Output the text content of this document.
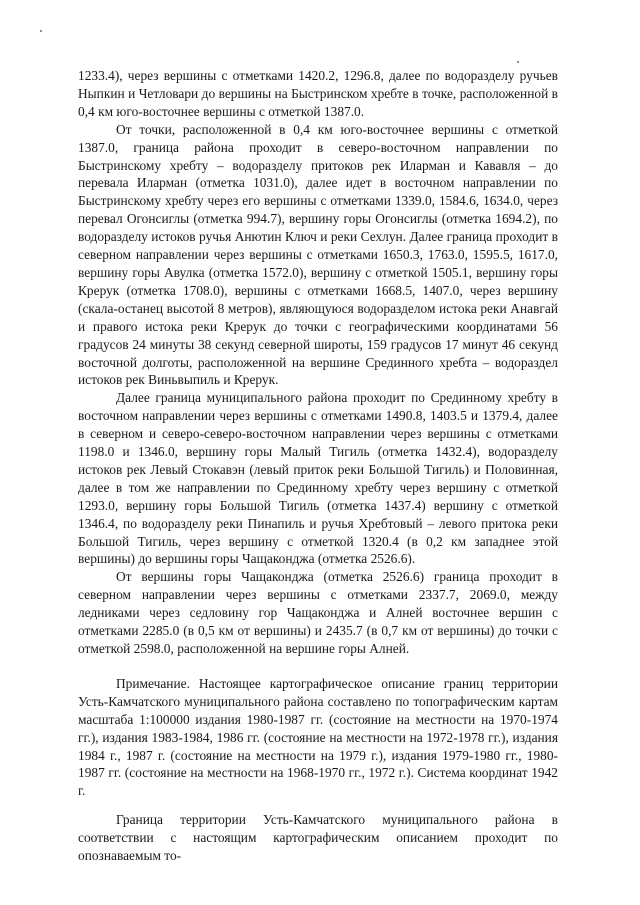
1233.4), через вершины с отметками 1420.2, 1296.8, далее по водоразделу ручьев Ныпкин и Четловари до вершины на Быстринском хребте в точке, расположенной в 0,4 км юго-восточнее вершины с отметкой 1387.0.

От точки, расположенной в 0,4 км юго-восточнее вершины с отметкой 1387.0, граница района проходит в северо-восточном направлении по Быстринскому хребту – водоразделу притоков рек Иларман и Кававля – до перевала Иларман (отметка 1031.0), далее идет в восточном направлении по Быстринскому хребту через его вершины с отметками 1339.0, 1584.6, 1634.0, через перевал Огонсиглы (отметка 994.7), вершину горы Огонсиглы (отметка 1694.2), по водоразделу истоков ручья Анютин Ключ и реки Сехлун. Далее граница проходит в северном направлении через вершины с отметками 1650.3, 1763.0, 1595.5, 1617.0, вершину горы Авулка (отметка 1572.0), вершину с отметкой 1505.1, вершину горы Крерук (отметка 1708.0), вершины с отметками 1668.5, 1407.0, через вершину (скала-останец высотой 8 метров), являющуюся водоразделом истока реки Анавгай и правого истока реки Крерук до точки с географическими координатами 56 градусов 24 минуты 38 секунд северной широты, 159 градусов 17 минут 46 секунд восточной долготы, расположенной на вершине Срединного хребта – водораздел истоков рек Виньвыпиль и Крерук.

Далее граница муниципального района проходит по Срединному хребту в восточном направлении через вершины с отметками 1490.8, 1403.5 и 1379.4, далее в северном и северо-северо-восточном направлении через вершины с отметками 1198.0 и 1346.0, вершину горы Малый Тигиль (отметка 1432.4), водоразделу истоков рек Левый Стокавэн (левый приток реки Большой Тигиль) и Половинная, далее в том же направлении по Срединному хребту через вершину с отметкой 1293.0, вершину горы Большой Тигиль (отметка 1437.4) вершину с отметкой 1346.4, по водоразделу реки Пинапиль и ручья Хребтовый – левого притока реки Большой Тигиль, через вершину с отметкой 1320.4 (в 0,2 км западнее этой вершины) до вершины горы Чащаконджа (отметка 2526.6).

От вершины горы Чащаконджа (отметка 2526.6) граница проходит в северном направлении через вершины с отметками 2337.7, 2069.0, между ледниками через седловину гор Чащаконджа и Алней восточнее вершин с отметками 2285.0 (в 0,5 км от вершины) и 2435.7 (в 0,7 км от вершины) до точки с отметкой 2598.0, расположенной на вершине горы Алней.

Примечание. Настоящее картографическое описание границ территории Усть-Камчатского муниципального района составлено по топографическим картам масштаба 1:100000 издания 1980-1987 гг. (состояние на местности на 1970-1974 гг.), издания 1983-1984, 1986 гг. (состояние на местности на 1972-1978 гг.), издания 1984 г., 1987 г. (состояние на местности на 1979 г.), издания 1979-1980 гг., 1980-1987 гг. (состояние на местности на 1968-1970 гг., 1972 г.). Система координат 1942 г.

Граница территории Усть-Камчатского муниципального района в соответствии с настоящим картографическим описанием проходит по опознаваемым то-
